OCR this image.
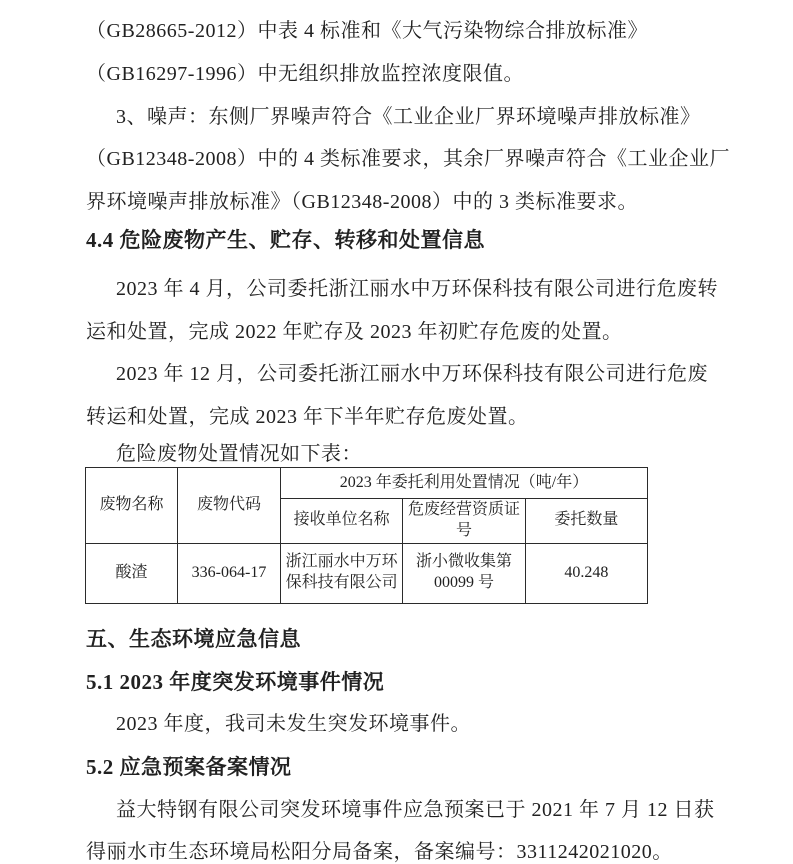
（GB28665-2012）中表 4 标准和《大气污染物综合排放标准》
（GB16297-1996）中无组织排放监控浓度限值。
3、噪声：东侧厂界噪声符合《工业企业厂界环境噪声排放标准》
（GB12348-2008）中的 4 类标准要求，其余厂界噪声符合《工业企业厂
界环境噪声排放标准》（GB12348-2008）中的 3 类标准要求。
4.4 危险废物产生、贮存、转移和处置信息
2023 年 4 月，公司委托浙江丽水中万环保科技有限公司进行危废转
运和处置，完成 2022 年贮存及 2023 年初贮存危废的处置。
2023 年 12 月，公司委托浙江丽水中万环保科技有限公司进行危废
转运和处置，完成 2023 年下半年贮存危废处置。
危险废物处置情况如下表：
废物名称	废物代码	2023 年委托利用处置情况（吨/年）		
		接收单位名称	危废经营资质证号	委托数量
酸渣	336-064-17	浙江丽水中万环保科技有限公司	浙小微收集第 00099 号	40.248
五、生态环境应急信息
5.1 2023 年度突发环境事件情况
2023 年度，我司未发生突发环境事件。
5.2 应急预案备案情况
益大特钢有限公司突发环境事件应急预案已于 2021 年 7 月 12 日获
得丽水市生态环境局松阳分局备案，备案编号：3311242021020。
